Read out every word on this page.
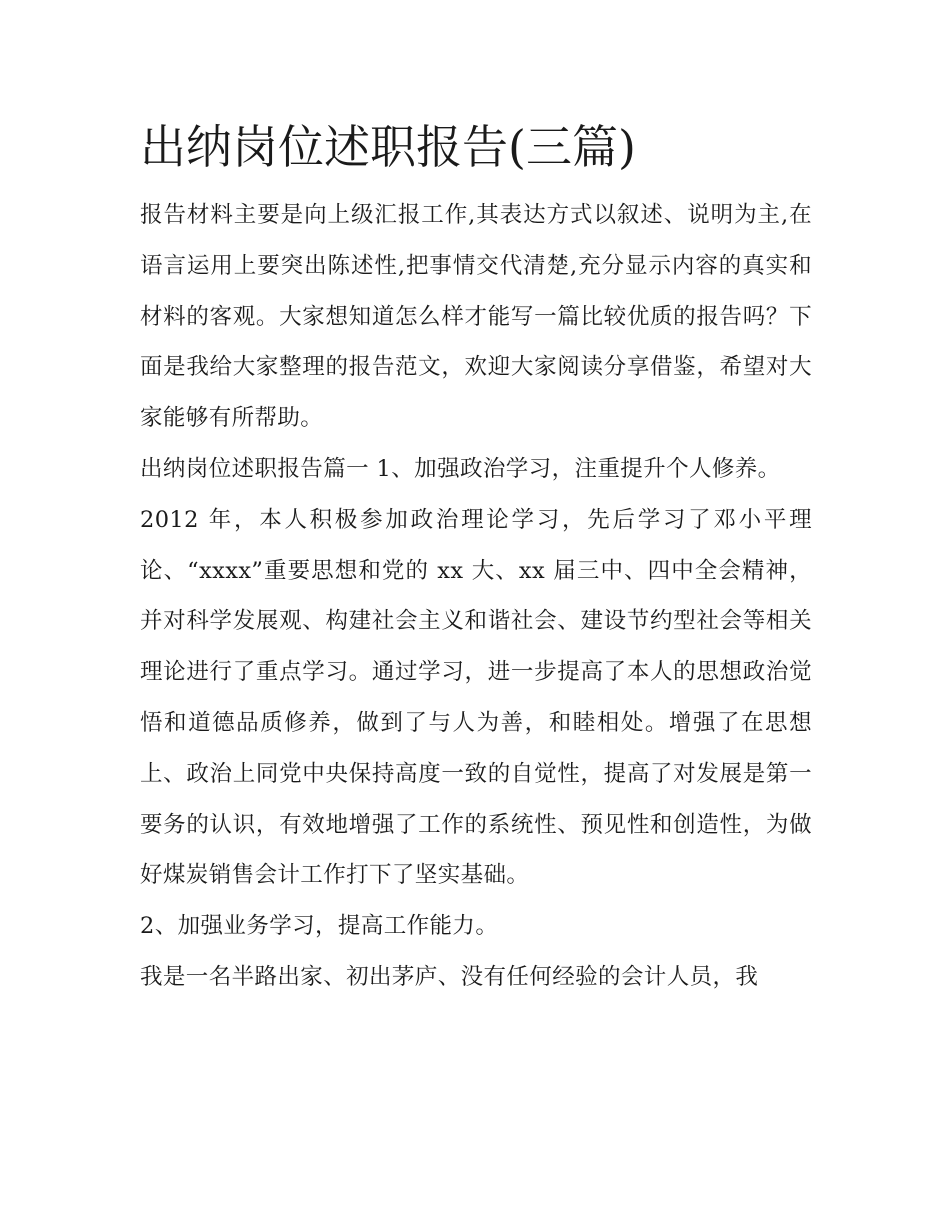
出纳岗位述职报告(三篇)

报告材料主要是向上级汇报工作,其表达方式以叙述、说明为主,在语言运用上要突出陈述性,把事情交代清楚,充分显示内容的真实和材料的客观。大家想知道怎么样才能写一篇比较优质的报告吗？下面是我给大家整理的报告范文，欢迎大家阅读分享借鉴，希望对大家能够有所帮助。

出纳岗位述职报告篇一 1、加强政治学习，注重提升个人修养。

2012 年，本人积极参加政治理论学习，先后学习了邓小平理论、“xxxx”重要思想和党的 xx 大、xx 届三中、四中全会精神，并对科学发展观、构建社会主义和谐社会、建设节约型社会等相关理论进行了重点学习。通过学习，进一步提高了本人的思想政治觉悟和道德品质修养，做到了与人为善，和睦相处。增强了在思想上、政治上同党中央保持高度一致的自觉性，提高了对发展是第一要务的认识，有效地增强了工作的系统性、预见性和创造性，为做好煤炭销售会计工作打下了坚实基础。

2、加强业务学习，提高工作能力。

我是一名半路出家、初出茅庐、没有任何经验的会计人员，我
